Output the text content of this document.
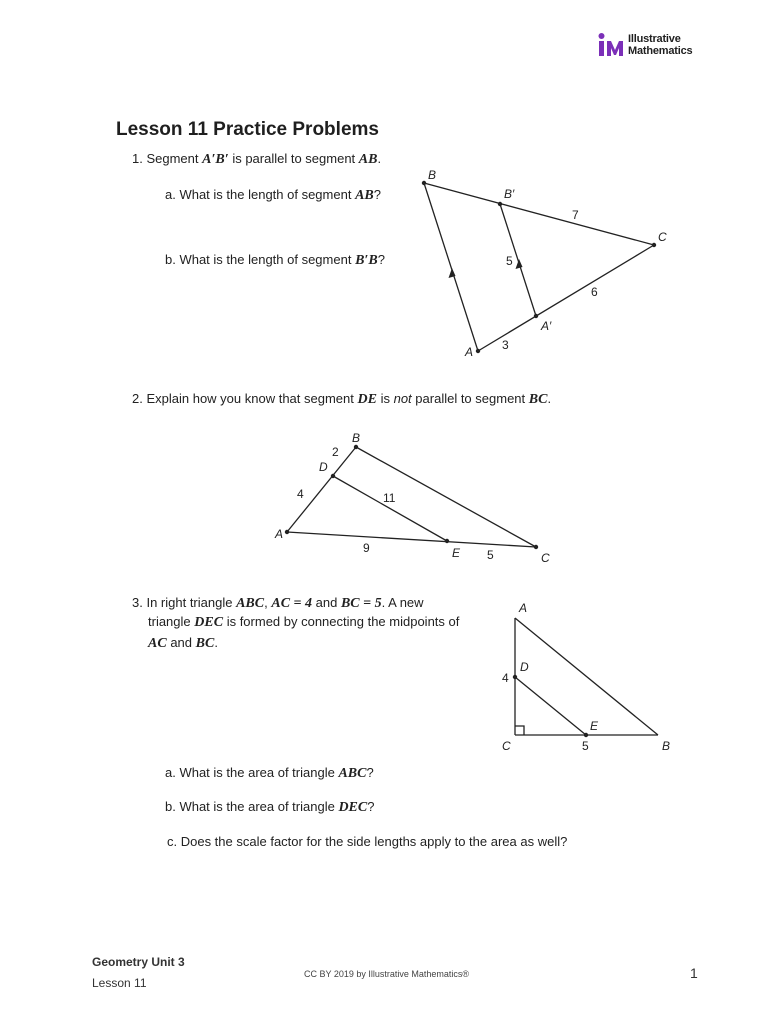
Illustrative
Mathematics
Lesson 11 Practice Problems
1. Segment A′B′ is parallel to segment AB.
a. What is the length of segment AB?
b. What is the length of segment B′B?
B
B′
C
A
A′
7
5
6
3
2. Explain how you know that segment DE is not parallel to segment BC.
B
D
A
E	C
2
4	11
9	5
3. In right triangle ABC, AC = 4 and BC = 5. A new
triangle DEC is formed by connecting the midpoints of
AC and BC.
a. What is the area of triangle ABC?
b. What is the area of triangle DEC?
c. Does the scale factor for the side lengths apply to the area as well?
A
D
4
E
C	5	B
Geometry Unit 3
Lesson 11
CC BY 2019 by Illustrative Mathematics®	1
